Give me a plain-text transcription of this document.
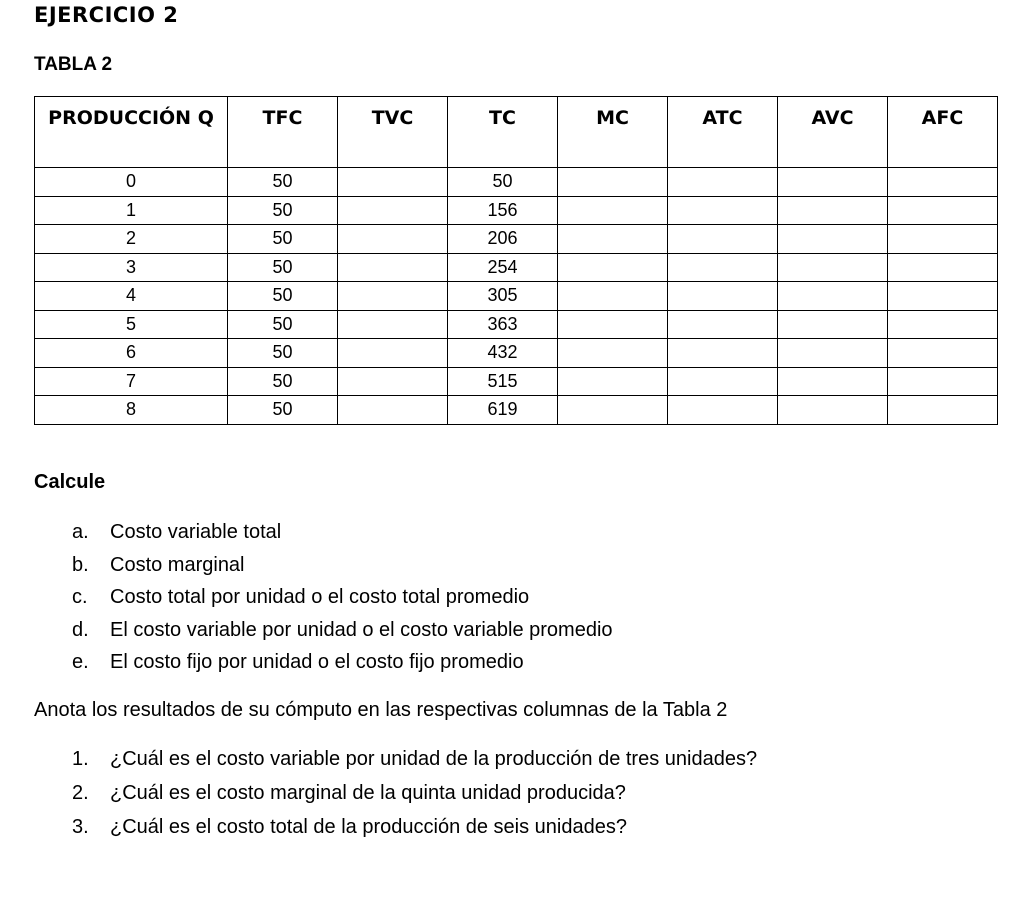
EJERCICIO 2
TABLA 2
PRODUCCIÓN Q	TFC	TVC	TC	MC	ATC	AVC	AFC
0	50		50				
1	50		156				
2	50		206				
3	50		254				
4	50		305				
5	50		363				
6	50		432				
7	50		515				
8	50		619				

Calcule

a. Costo variable total
b. Costo marginal
c. Costo total por unidad o el costo total promedio
d. El costo variable por unidad o el costo variable promedio
e. El costo fijo por unidad o el costo fijo promedio

Anota los resultados de su cómputo en las respectivas columnas de la Tabla 2

1. ¿Cuál es el costo variable por unidad de la producción de tres unidades?
2. ¿Cuál es el costo marginal de la quinta unidad producida?
3. ¿Cuál es el costo total de la producción de seis unidades?
